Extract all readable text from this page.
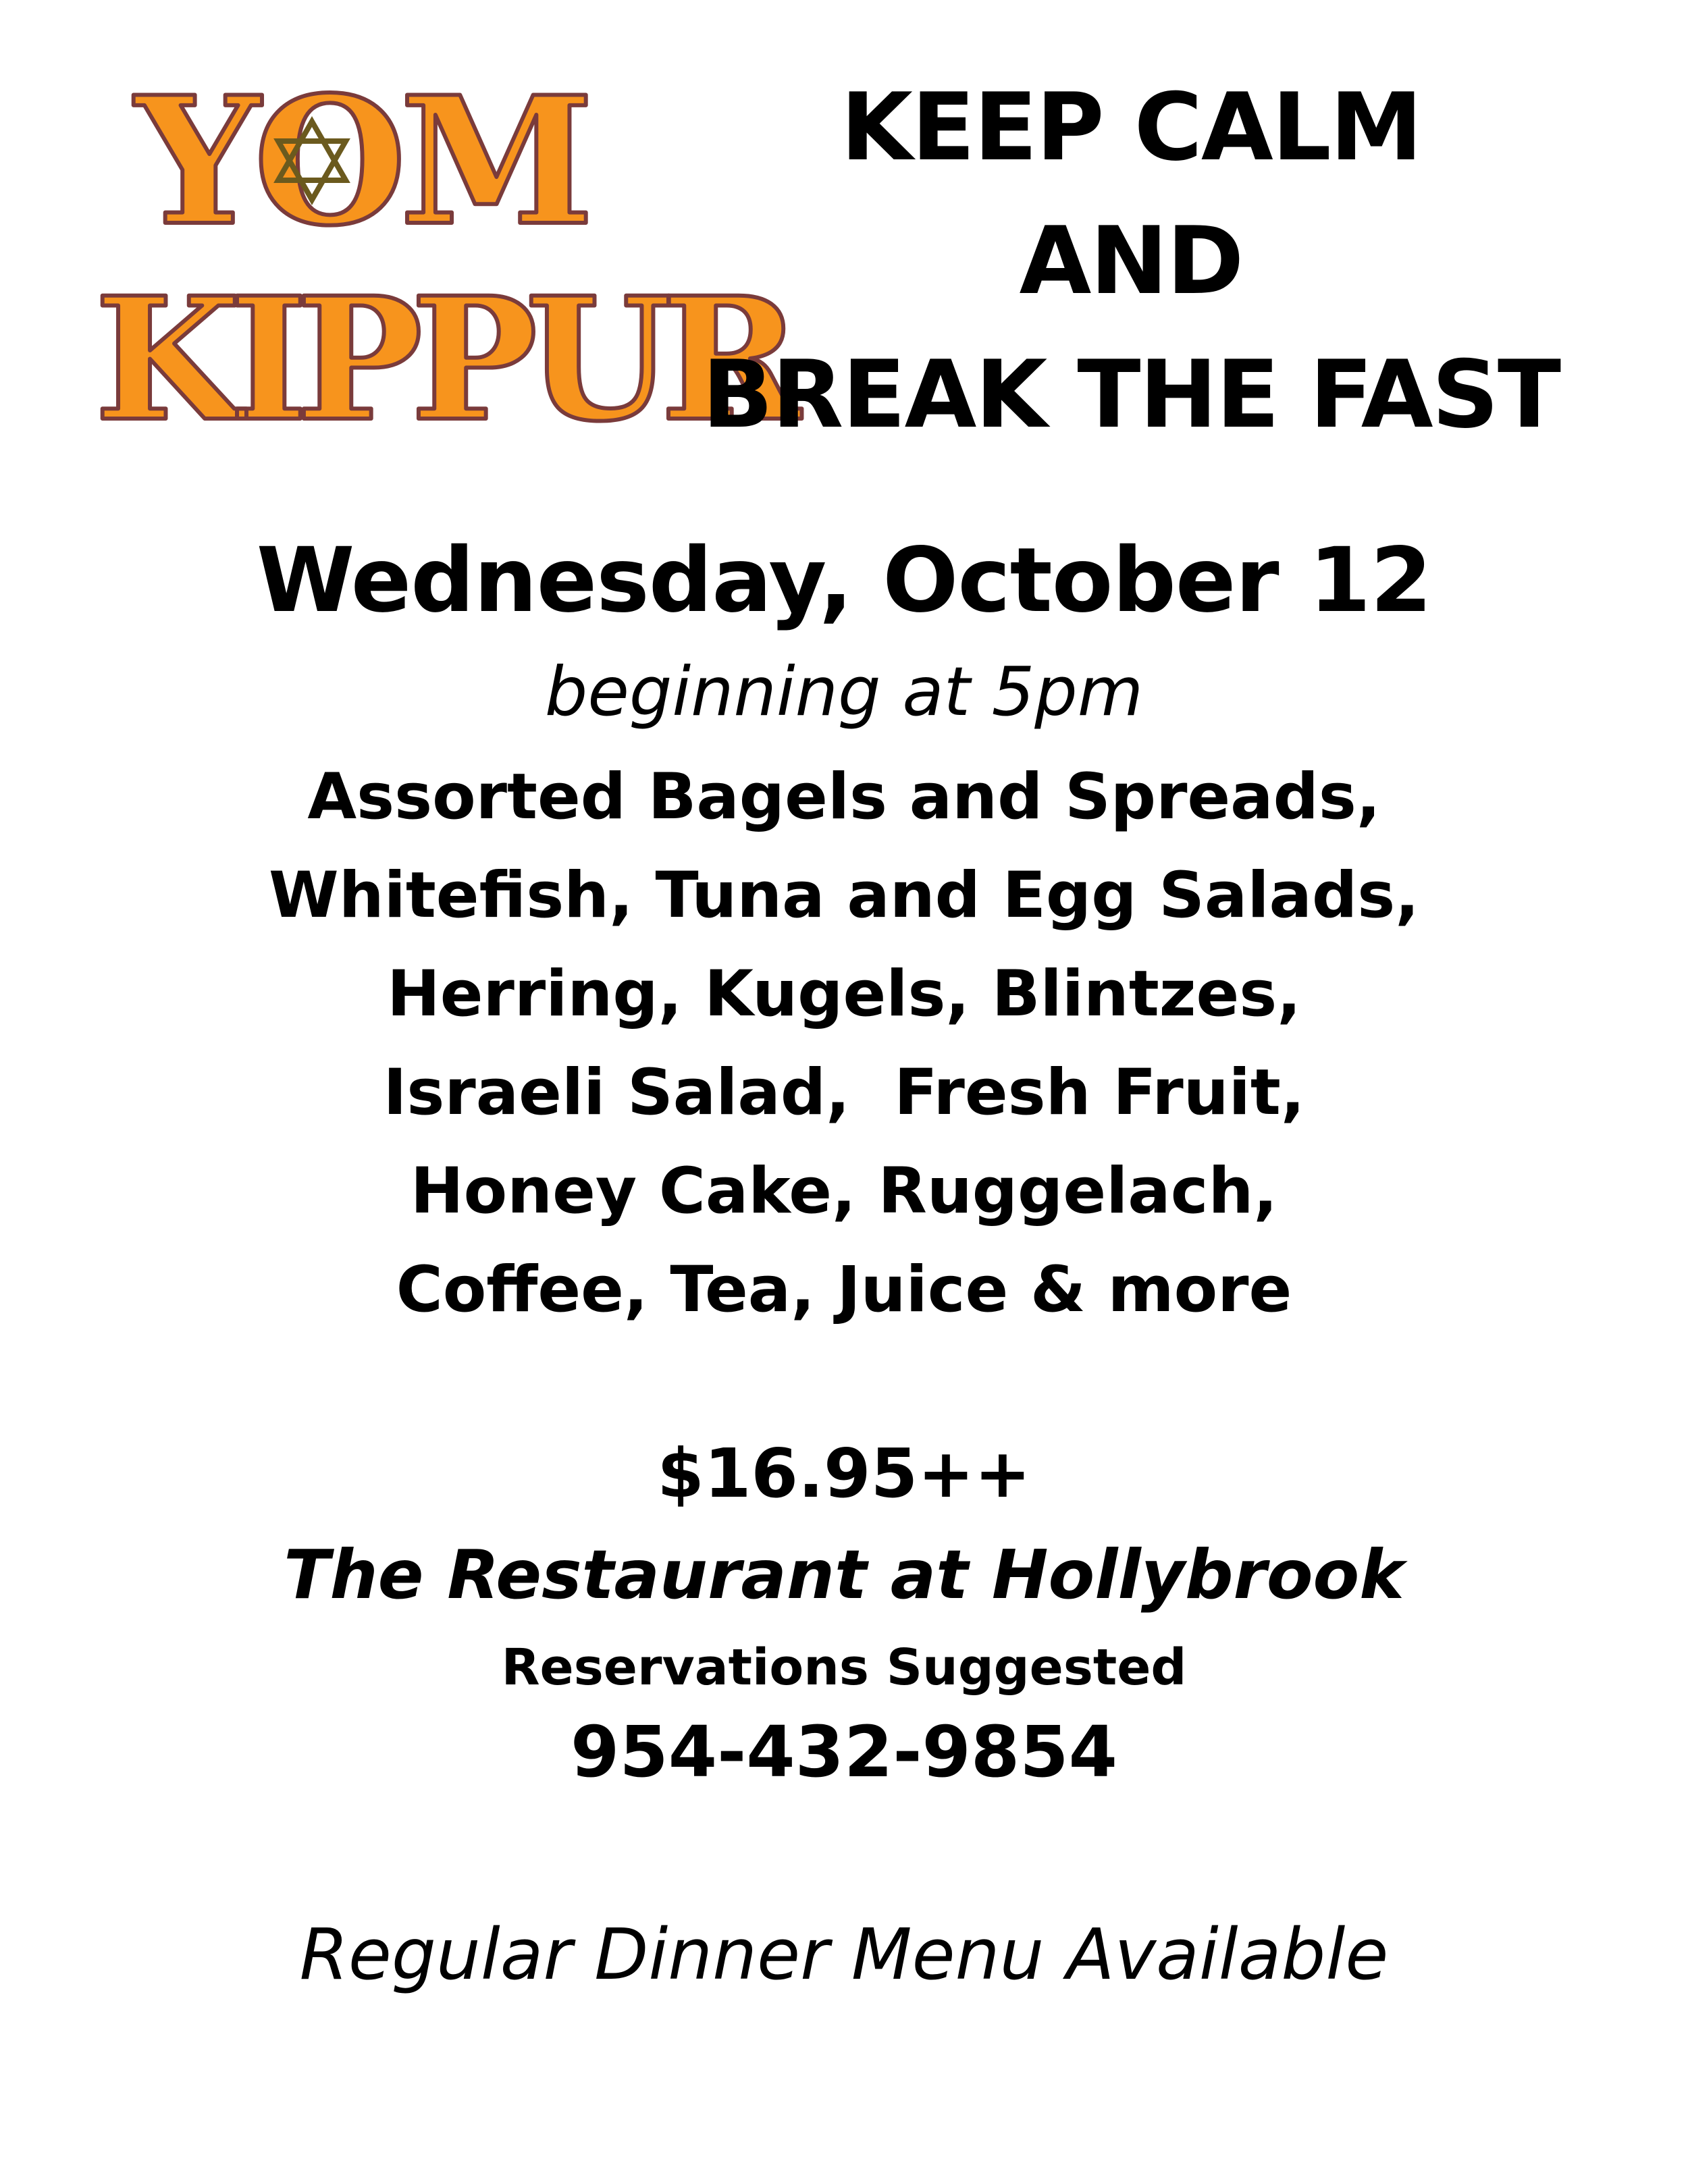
YOM
KIPPUR
KEEP CALM
AND
BREAK THE FAST
Wednesday, October 12
beginning at 5pm
Assorted Bagels and Spreads,
Whitefish, Tuna and Egg Salads,
Herring, Kugels, Blintzes,
Israeli Salad,  Fresh Fruit,
Honey Cake, Ruggelach,
Coffee, Tea, Juice & more
$16.95++
The Restaurant at Hollybrook
Reservations Suggested
954-432-9854
Regular Dinner Menu Available
